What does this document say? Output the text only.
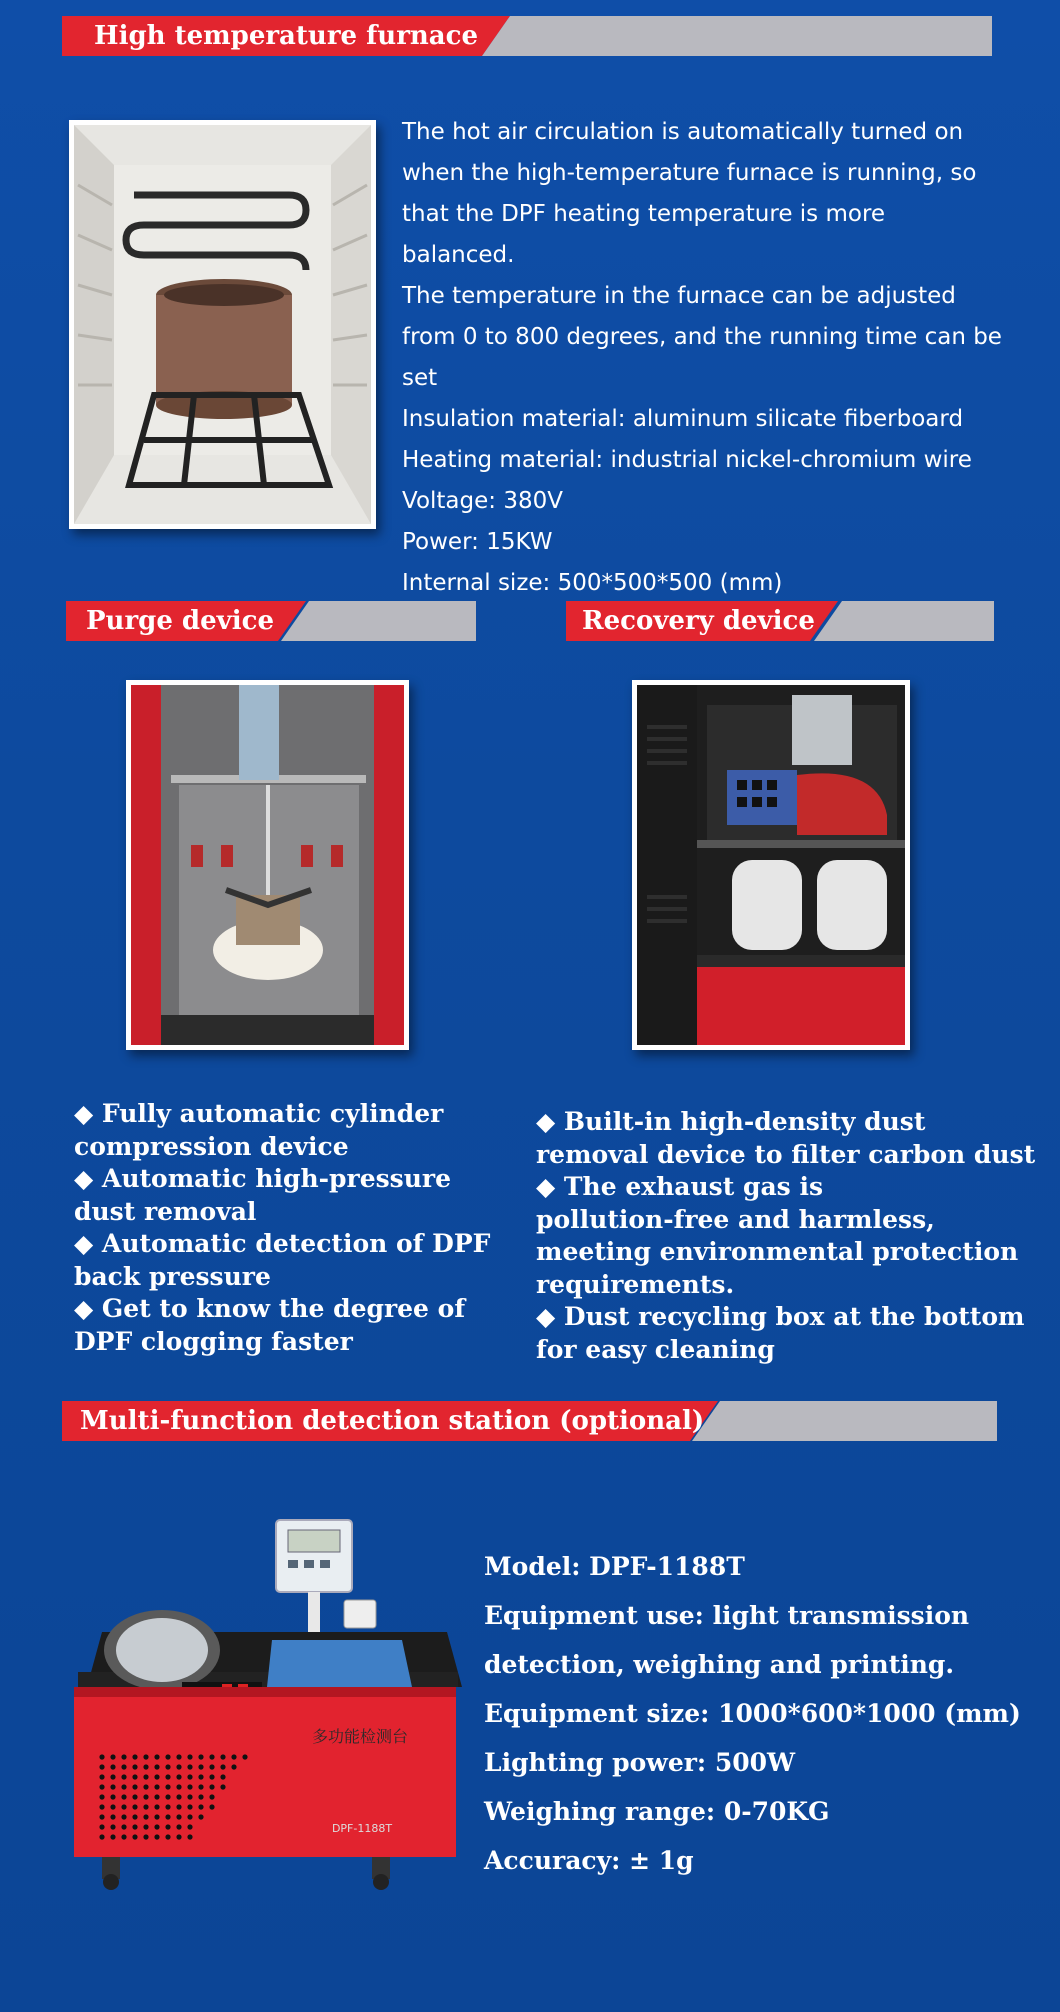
High temperature furnace

The hot air circulation is automatically turned on

when the high-temperature furnace is running, so

that the DPF heating temperature is more balanced.

The temperature in the furnace can be adjusted

from 0 to 800 degrees, and the running time can be

set

Insulation material: aluminum silicate fiberboard

Heating material: industrial nickel-chromium wire

Voltage: 380V

Power: 15KW

Internal size: 500*500*500 (mm)

Purge device	Recovery device

◆ Fully automatic cylinder

compression device

◆ Automatic high-pressure

dust removal

◆ Automatic detection of DPF

back pressure

◆ Get to know the degree of

DPF clogging faster

◆ Built-in high-density dust

removal device to filter carbon dust

◆ The exhaust gas is

pollution-free and harmless,

meeting environmental protection

requirements.

◆ Dust recycling box at the bottom

for easy cleaning

Multi-function detection station (optional)
多功能检测台
DPF-1188T

Model: DPF-1188T

Equipment use: light transmission

detection, weighing and printing.

Equipment size: 1000*600*1000 (mm)

Lighting power: 500W

Weighing range: 0-70KG

Accuracy: ± 1g
